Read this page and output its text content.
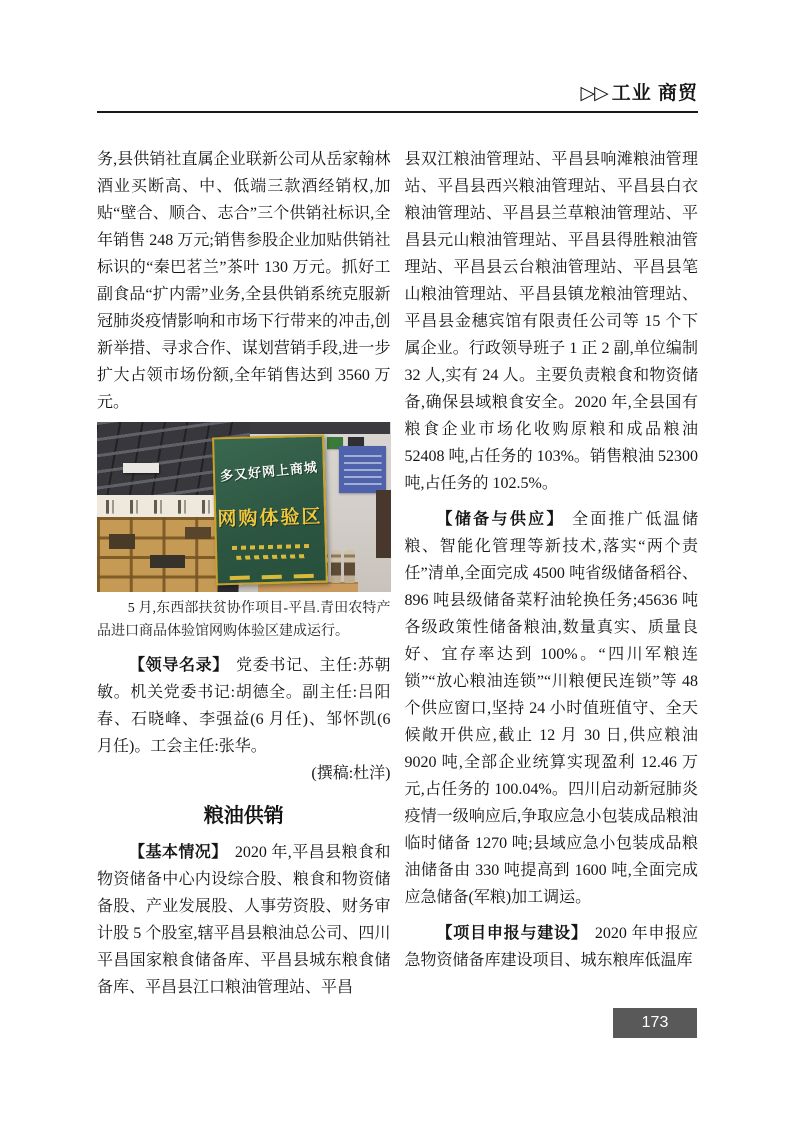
▷▷ 工业 商贸

务,县供销社直属企业联新公司从岳家翰林酒业买断高、中、低端三款酒经销权,加贴“壁合、顺合、志合”三个供销社标识,全年销售 248 万元;销售参股企业加贴供销社标识的“秦巴茗兰”茶叶 130 万元。抓好工副食品“扩内需”业务,全县供销系统克服新冠肺炎疫情影响和市场下行带来的冲击,创新举措、寻求合作、谋划营销手段,进一步扩大占领市场份额,全年销售达到 3560 万元。

多又好网上商城
网购体验区
5 月,东西部扶贫协作项目-平昌.青田农特产品进口商品体验馆网购体验区建成运行。

【领导名录】 党委书记、主任:苏朝敏。机关党委书记:胡德全。副主任:吕阳春、石晓峰、李强益(6 月任)、邹怀凯(6 月任)。工会主任:张华。

(撰稿:杜洋)
粮油供销

【基本情况】 2020 年,平昌县粮食和物资储备中心内设综合股、粮食和物资储备股、产业发展股、人事劳资股、财务审计股 5 个股室,辖平昌县粮油总公司、四川平昌国家粮食储备库、平昌县城东粮食储备库、平昌县江口粮油管理站、平昌

县双江粮油管理站、平昌县响滩粮油管理站、平昌县西兴粮油管理站、平昌县白衣粮油管理站、平昌县兰草粮油管理站、平昌县元山粮油管理站、平昌县得胜粮油管理站、平昌县云台粮油管理站、平昌县笔山粮油管理站、平昌县镇龙粮油管理站、平昌县金穗宾馆有限责任公司等 15 个下属企业。行政领导班子 1 正 2 副,单位编制 32 人,实有 24 人。主要负责粮食和物资储备,确保县域粮食安全。2020 年,全县国有粮食企业市场化收购原粮和成品粮油 52408 吨,占任务的 103%。销售粮油 52300 吨,占任务的 102.5%。

【储备与供应】 全面推广低温储粮、智能化管理等新技术,落实“两个责任”清单,全面完成 4500 吨省级储备稻谷、896 吨县级储备菜籽油轮换任务;45636 吨各级政策性储备粮油,数量真实、质量良好、宜存率达到 100%。“四川军粮连锁”“放心粮油连锁”“川粮便民连锁”等 48 个供应窗口,坚持 24 小时值班值守、全天候敞开供应,截止 12 月 30 日,供应粮油 9020 吨,全部企业统算实现盈利 12.46 万元,占任务的 100.04%。四川启动新冠肺炎疫情一级响应后,争取应急小包装成品粮油临时储备 1270 吨;县域应急小包装成品粮油储备由 330 吨提高到 1600 吨,全面完成应急储备(军粮)加工调运。

【项目申报与建设】 2020 年申报应急物资储备库建设项目、城东粮库低温库

173
